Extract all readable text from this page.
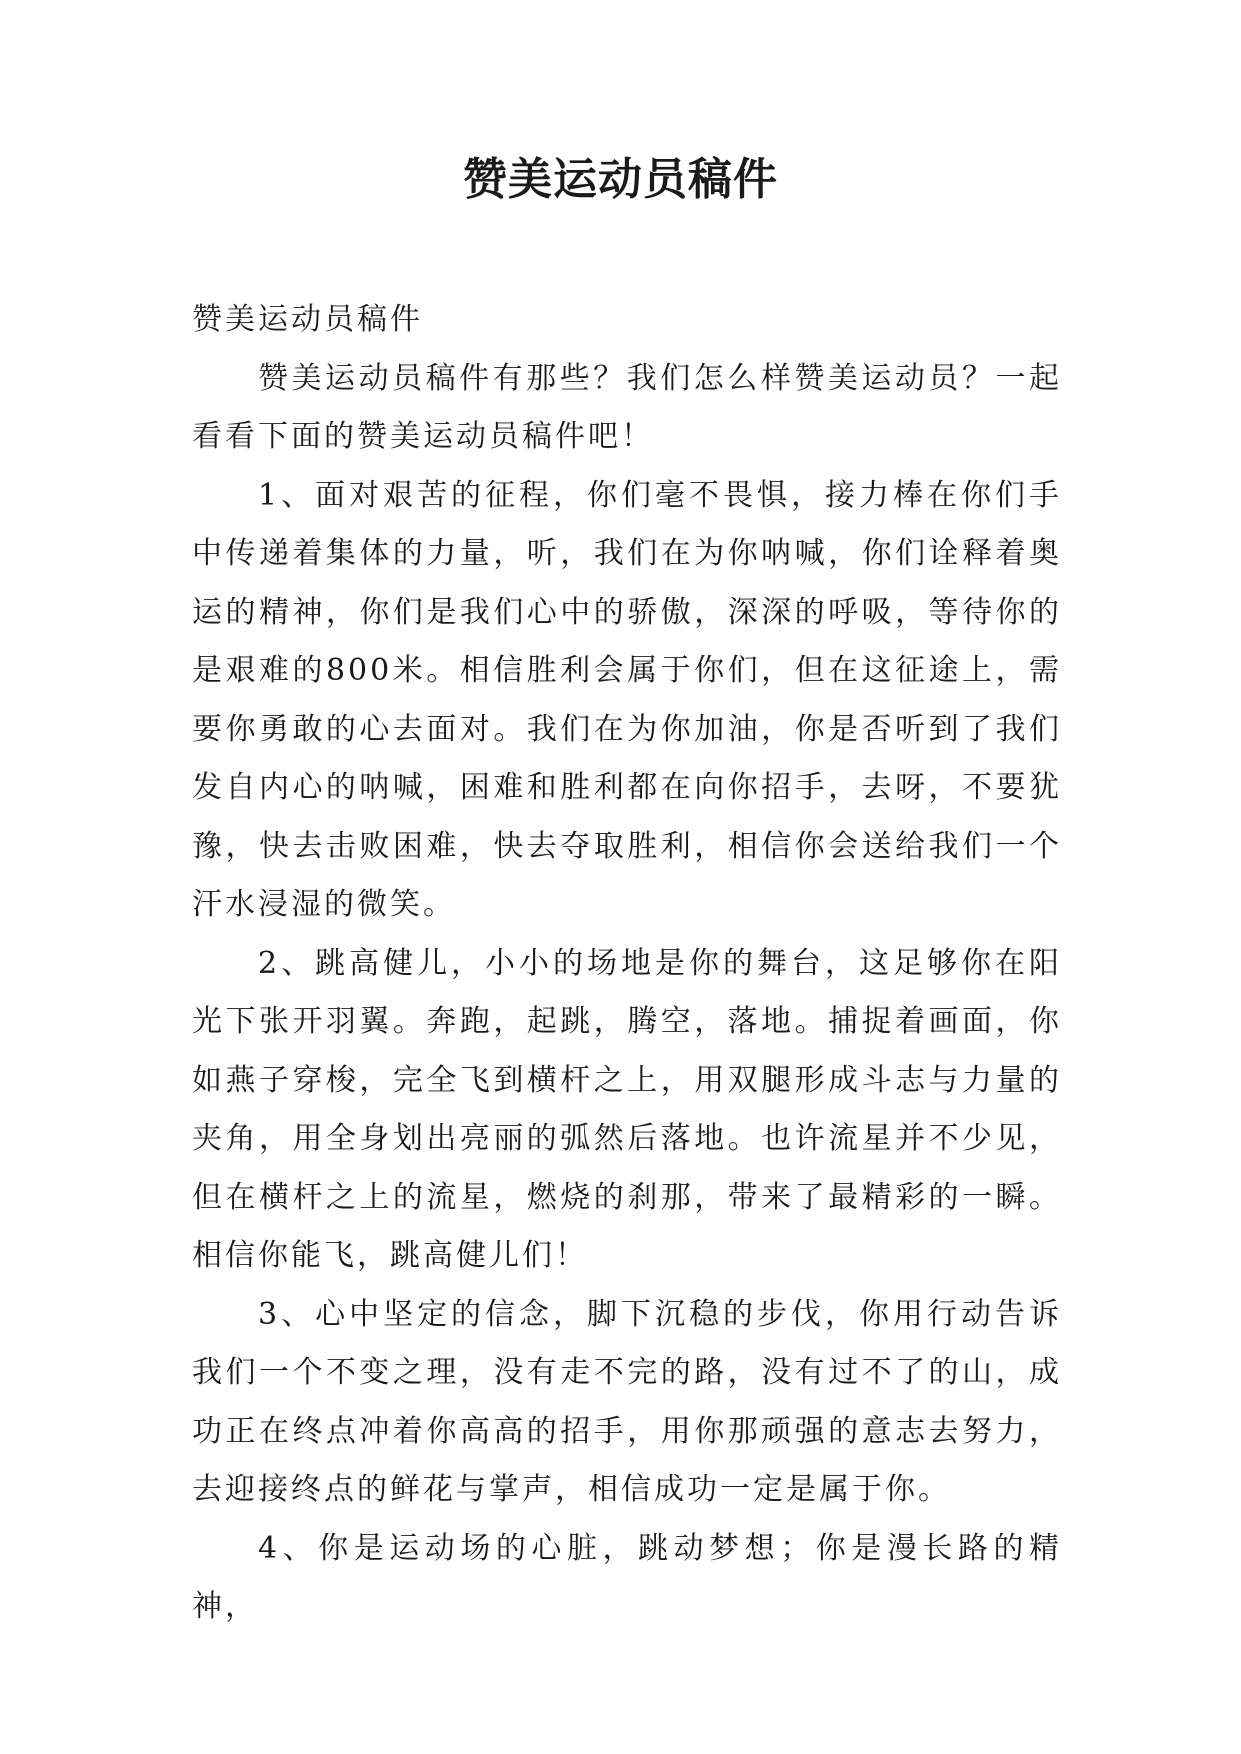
赞美运动员稿件

赞美运动员稿件

赞美运动员稿件有那些？我们怎么样赞美运动员？一起看看下面的赞美运动员稿件吧！

1、面对艰苦的征程，你们毫不畏惧，接力棒在你们手中传递着集体的力量，听，我们在为你呐喊，你们诠释着奥运的精神，你们是我们心中的骄傲，深深的呼吸，等待你的是艰难的800米。相信胜利会属于你们，但在这征途上，需要你勇敢的心去面对。我们在为你加油，你是否听到了我们发自内心的呐喊，困难和胜利都在向你招手，去呀，不要犹豫，快去击败困难，快去夺取胜利，相信你会送给我们一个汗水浸湿的微笑。

2、跳高健儿，小小的场地是你的舞台，这足够你在阳光下张开羽翼。奔跑，起跳，腾空，落地。捕捉着画面，你如燕子穿梭，完全飞到横杆之上，用双腿形成斗志与力量的夹角，用全身划出亮丽的弧然后落地。也许流星并不少见，但在横杆之上的流星，燃烧的刹那，带来了最精彩的一瞬。相信你能飞，跳高健儿们！

3、心中坚定的信念，脚下沉稳的步伐，你用行动告诉我们一个不变之理，没有走不完的路，没有过不了的山，成功正在终点冲着你高高的招手，用你那顽强的意志去努力，去迎接终点的鲜花与掌声，相信成功一定是属于你。

4、你是运动场的心脏，跳动梦想；你是漫长路的精神，
